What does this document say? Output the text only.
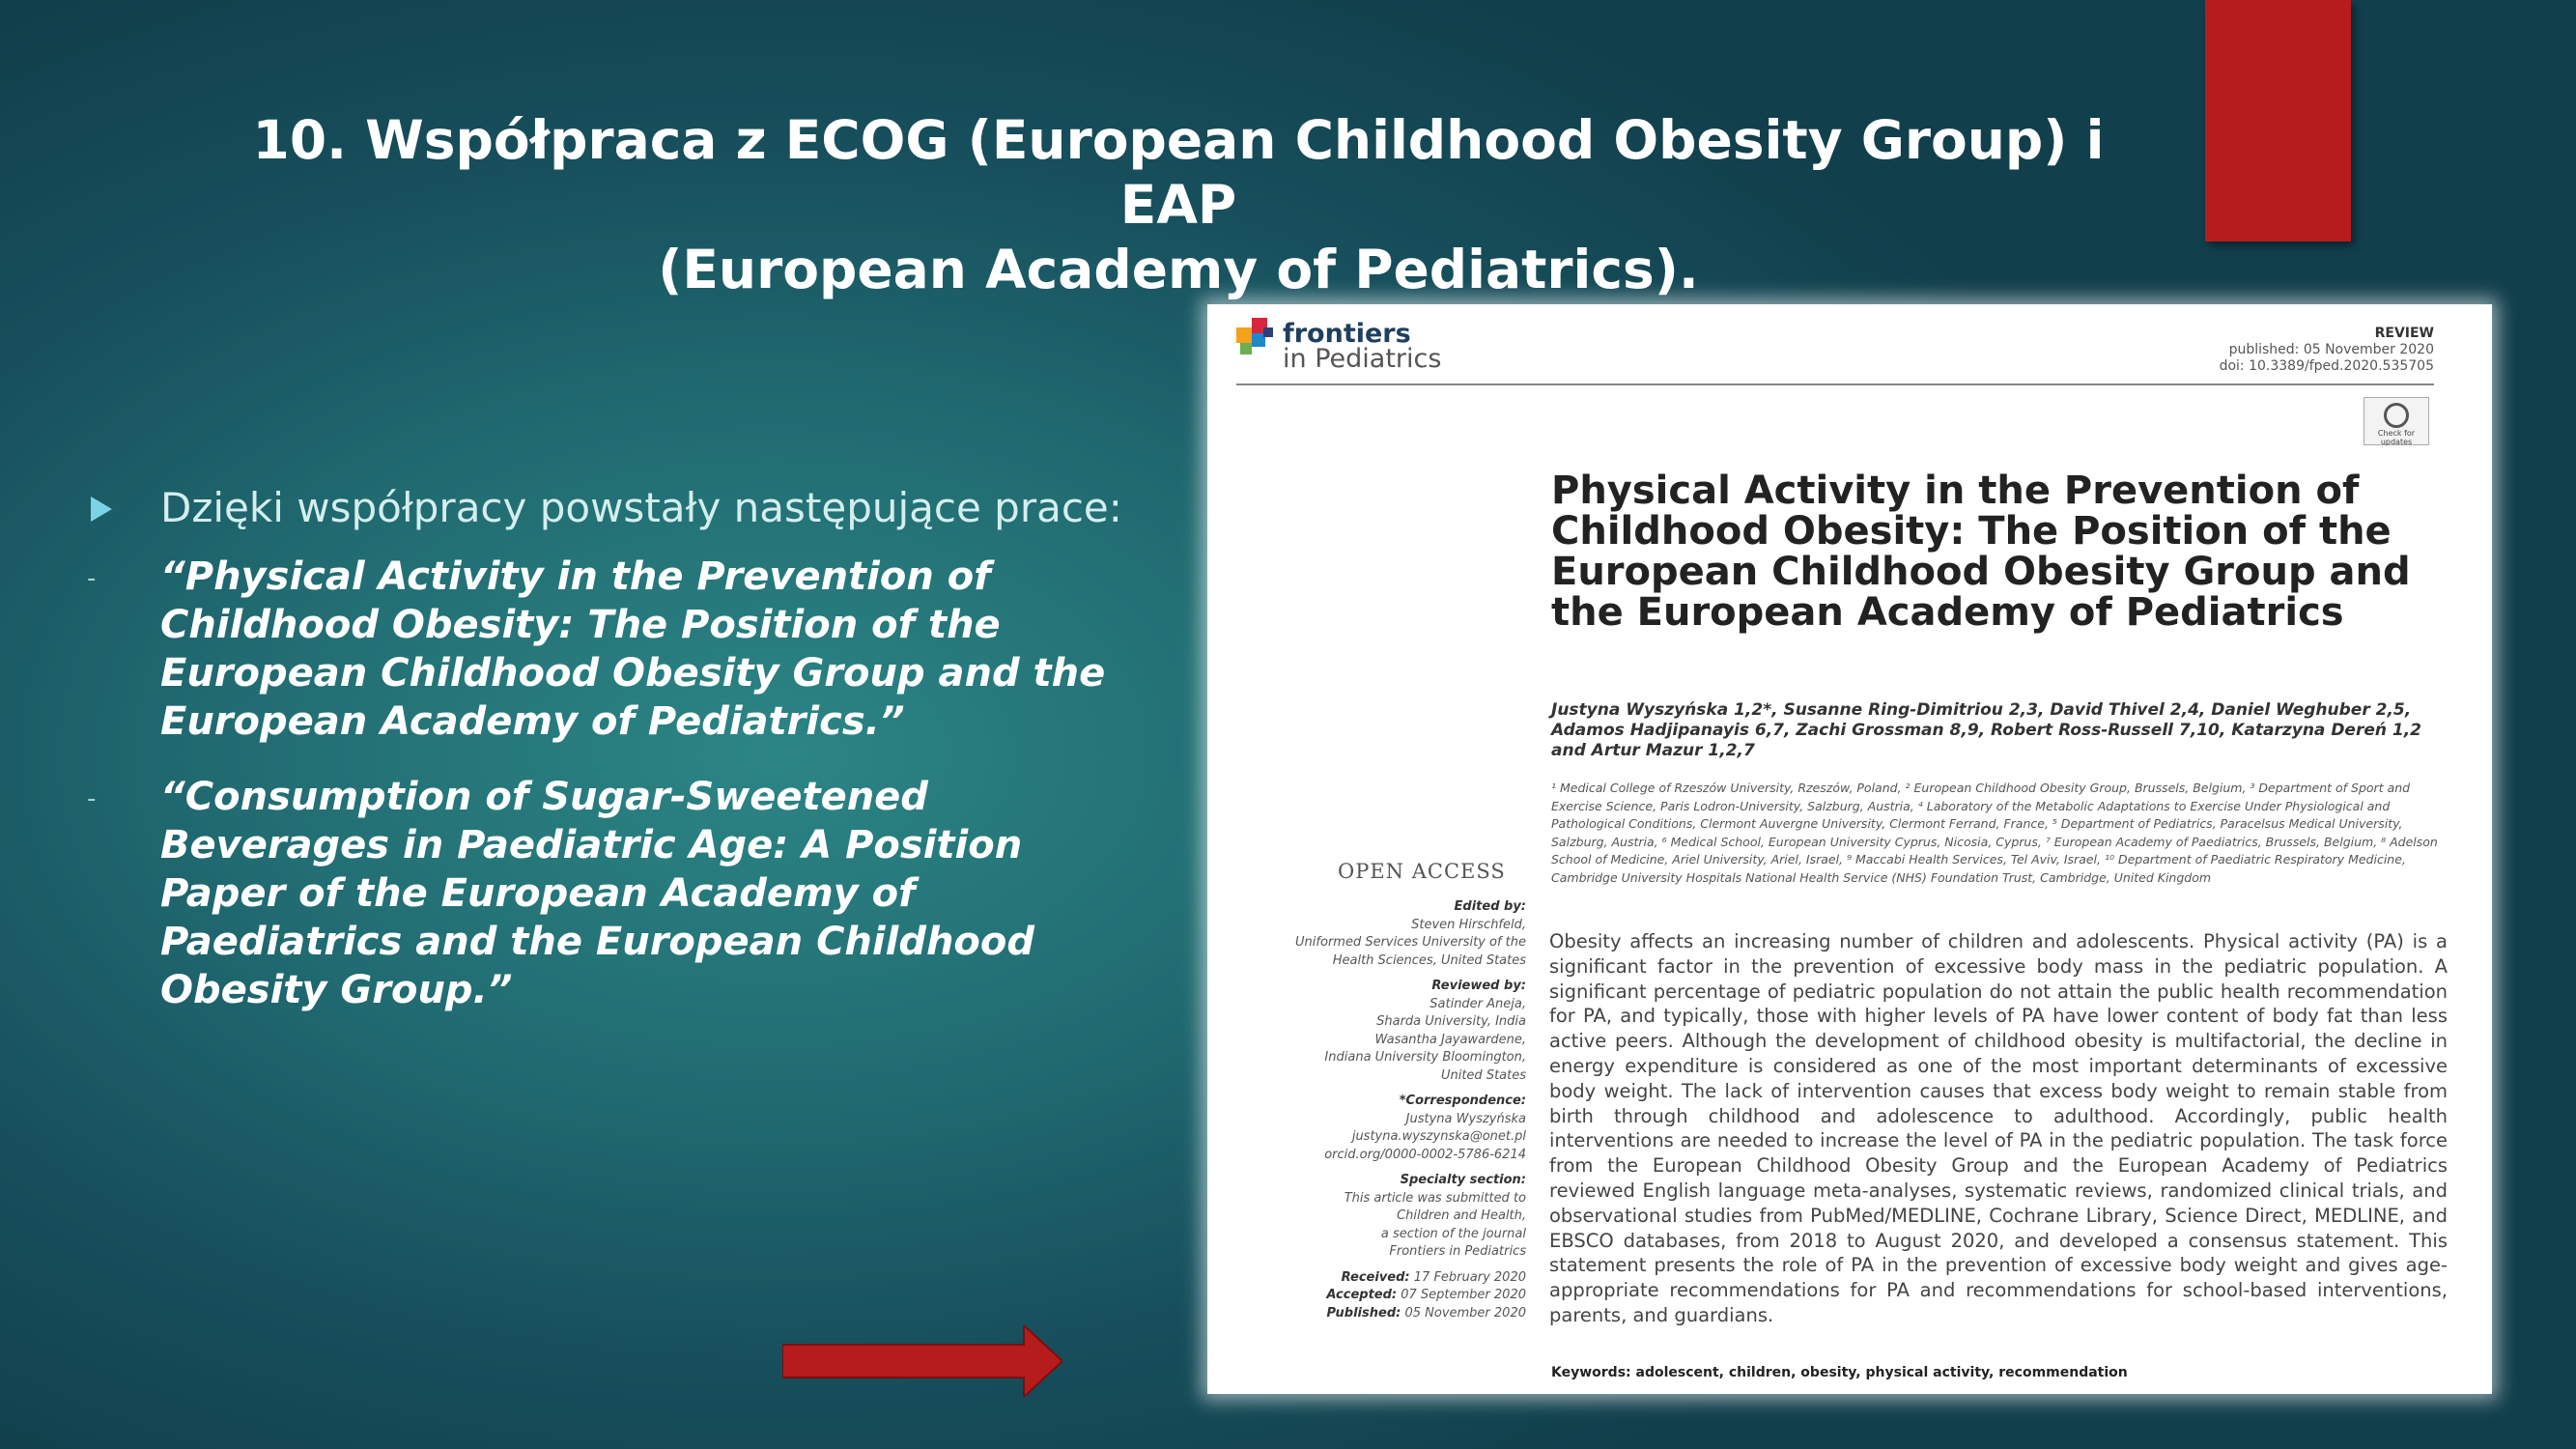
10. Współpraca z ECOG (European Childhood Obesity Group) i EAP
(European Academy of Pediatrics).
Dzięki współpracy powstały następujące prace:
- “Physical Activity in the Prevention of Childhood Obesity: The Position of the European Childhood Obesity Group and the European Academy of Pediatrics.”
- “Consumption of Sugar-Sweetened Beverages in Paediatric Age: A Position Paper of the European Academy of Paediatrics and the European Childhood Obesity Group.”
frontiers
in Pediatrics
REVIEW
published: 05 November 2020
doi: 10.3389/fped.2020.535705
Check for
updates
Physical Activity in the Prevention of Childhood Obesity: The Position of the European Childhood Obesity Group and the European Academy of Pediatrics
Justyna Wyszyńska 1,2*, Susanne Ring-Dimitriou 2,3, David Thivel 2,4, Daniel Weghuber 2,5, Adamos Hadjipanayis 6,7, Zachi Grossman 8,9, Robert Ross-Russell 7,10, Katarzyna Dereń 1,2 and Artur Mazur 1,2,7
¹ Medical College of Rzeszów University, Rzeszów, Poland, ² European Childhood Obesity Group, Brussels, Belgium, ³ Department of Sport and Exercise Science, Paris Lodron-University, Salzburg, Austria, ⁴ Laboratory of the Metabolic Adaptations to Exercise Under Physiological and Pathological Conditions, Clermont Auvergne University, Clermont Ferrand, France, ⁵ Department of Pediatrics, Paracelsus Medical University, Salzburg, Austria, ⁶ Medical School, European University Cyprus, Nicosia, Cyprus, ⁷ European Academy of Paediatrics, Brussels, Belgium, ⁸ Adelson School of Medicine, Ariel University, Ariel, Israel, ⁹ Maccabi Health Services, Tel Aviv, Israel, ¹⁰ Department of Paediatric Respiratory Medicine, Cambridge University Hospitals National Health Service (NHS) Foundation Trust, Cambridge, United Kingdom
OPEN ACCESS
Edited by:
Steven Hirschfeld,
Uniformed Services University of the
Health Sciences, United States
Reviewed by:
Satinder Aneja,
Sharda University, India
Wasantha Jayawardene,
Indiana University Bloomington,
United States
*Correspondence:
Justyna Wyszyńska
justyna.wyszynska@onet.pl
orcid.org/0000-0002-5786-6214
Specialty section:
This article was submitted to
Children and Health,
a section of the journal
Frontiers in Pediatrics
Received: 17 February 2020
Accepted: 07 September 2020
Published: 05 November 2020
Obesity affects an increasing number of children and adolescents. Physical activity (PA) is a significant factor in the prevention of excessive body mass in the pediatric population. A significant percentage of pediatric population do not attain the public health recommendation for PA, and typically, those with higher levels of PA have lower content of body fat than less active peers. Although the development of childhood obesity is multifactorial, the decline in energy expenditure is considered as one of the most important determinants of excessive body weight. The lack of intervention causes that excess body weight to remain stable from birth through childhood and adolescence to adulthood. Accordingly, public health interventions are needed to increase the level of PA in the pediatric population. The task force from the European Childhood Obesity Group and the European Academy of Pediatrics reviewed English language meta-analyses, systematic reviews, randomized clinical trials, and observational studies from PubMed/MEDLINE, Cochrane Library, Science Direct, MEDLINE, and EBSCO databases, from 2018 to August 2020, and developed a consensus statement. This statement presents the role of PA in the prevention of excessive body weight and gives age-appropriate recommendations for PA and recommendations for school-based interventions, parents, and guardians.
Keywords: adolescent, children, obesity, physical activity, recommendation
